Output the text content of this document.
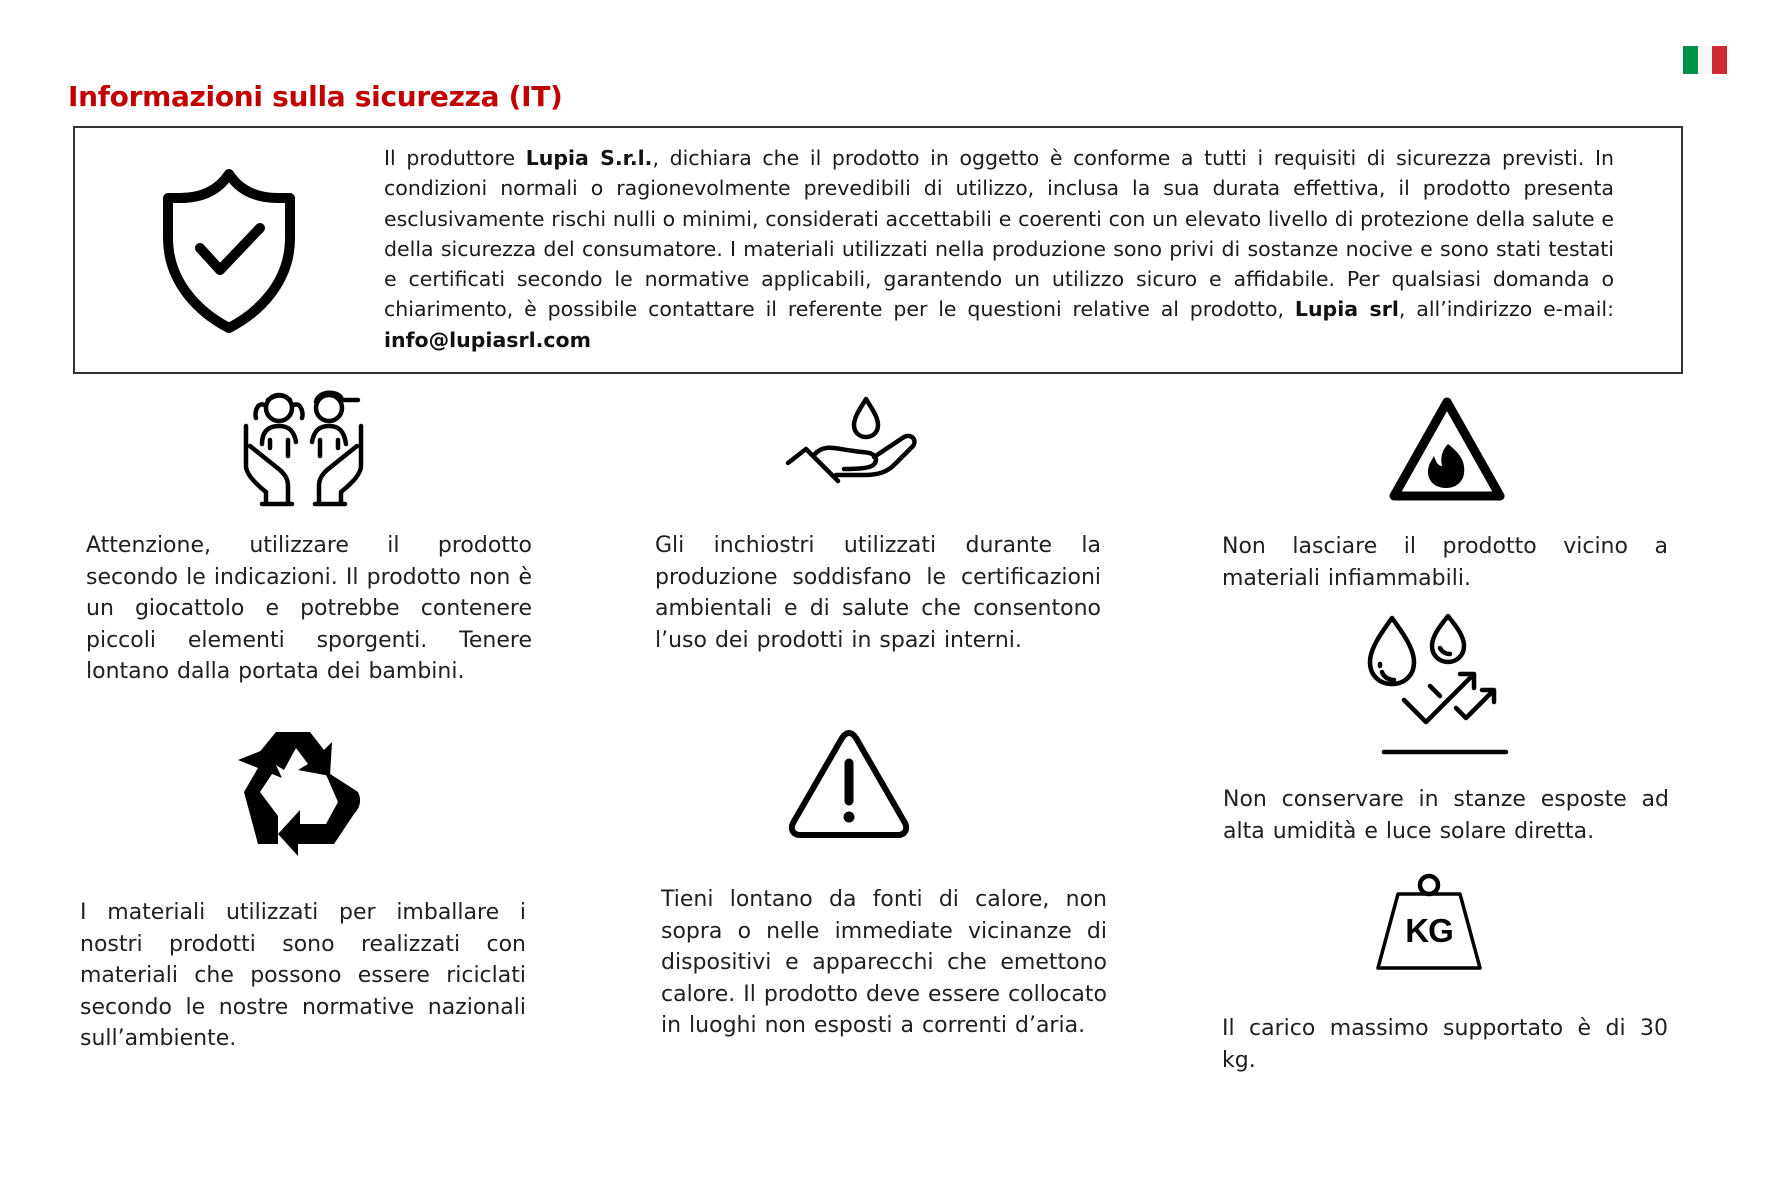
Informazioni sulla sicurezza (IT)
Il produttore Lupia S.r.l., dichiara che il prodotto in oggetto è conforme a tutti i requisiti di sicurezza previsti. In condizioni normali o ragionevolmente prevedibili di utilizzo, inclusa la sua durata effettiva, il prodotto presenta esclusivamente rischi nulli o minimi, considerati accettabili e coerenti con un elevato livello di protezione della salute e della sicurezza del consumatore. I materiali utilizzati nella produzione sono privi di sostanze nocive e sono stati testati e certificati secondo le normative applicabili, garantendo un utilizzo sicuro e affidabile. Per qualsiasi domanda o chiarimento, è possibile contattare il referente per le questioni relative al prodotto, Lupia srl, all’indirizzo e-mail: info@lupiasrl.com
Attenzione, utilizzare il prodotto secondo le indicazioni. Il prodotto non è un giocattolo e potrebbe contenere piccoli elementi sporgenti. Tenere lontano dalla portata dei bambini.
Gli inchiostri utilizzati durante la produzione soddisfano le certificazioni ambientali e di salute che consentono l’uso dei prodotti in spazi interni.
Non lasciare il prodotto vicino a materiali infiammabili.
Non conservare in stanze esposte ad alta umidità e luce solare diretta.
I materiali utilizzati per imballare i nostri prodotti sono realizzati con materiali che possono essere riciclati secondo le nostre normative nazionali sull’ambiente.
Tieni lontano da fonti di calore, non sopra o nelle immediate vicinanze di dispositivi e apparecchi che emettono calore. Il prodotto deve essere collocato in luoghi non esposti a correnti d’aria.
KG
Il carico massimo supportato è di 30 kg.
